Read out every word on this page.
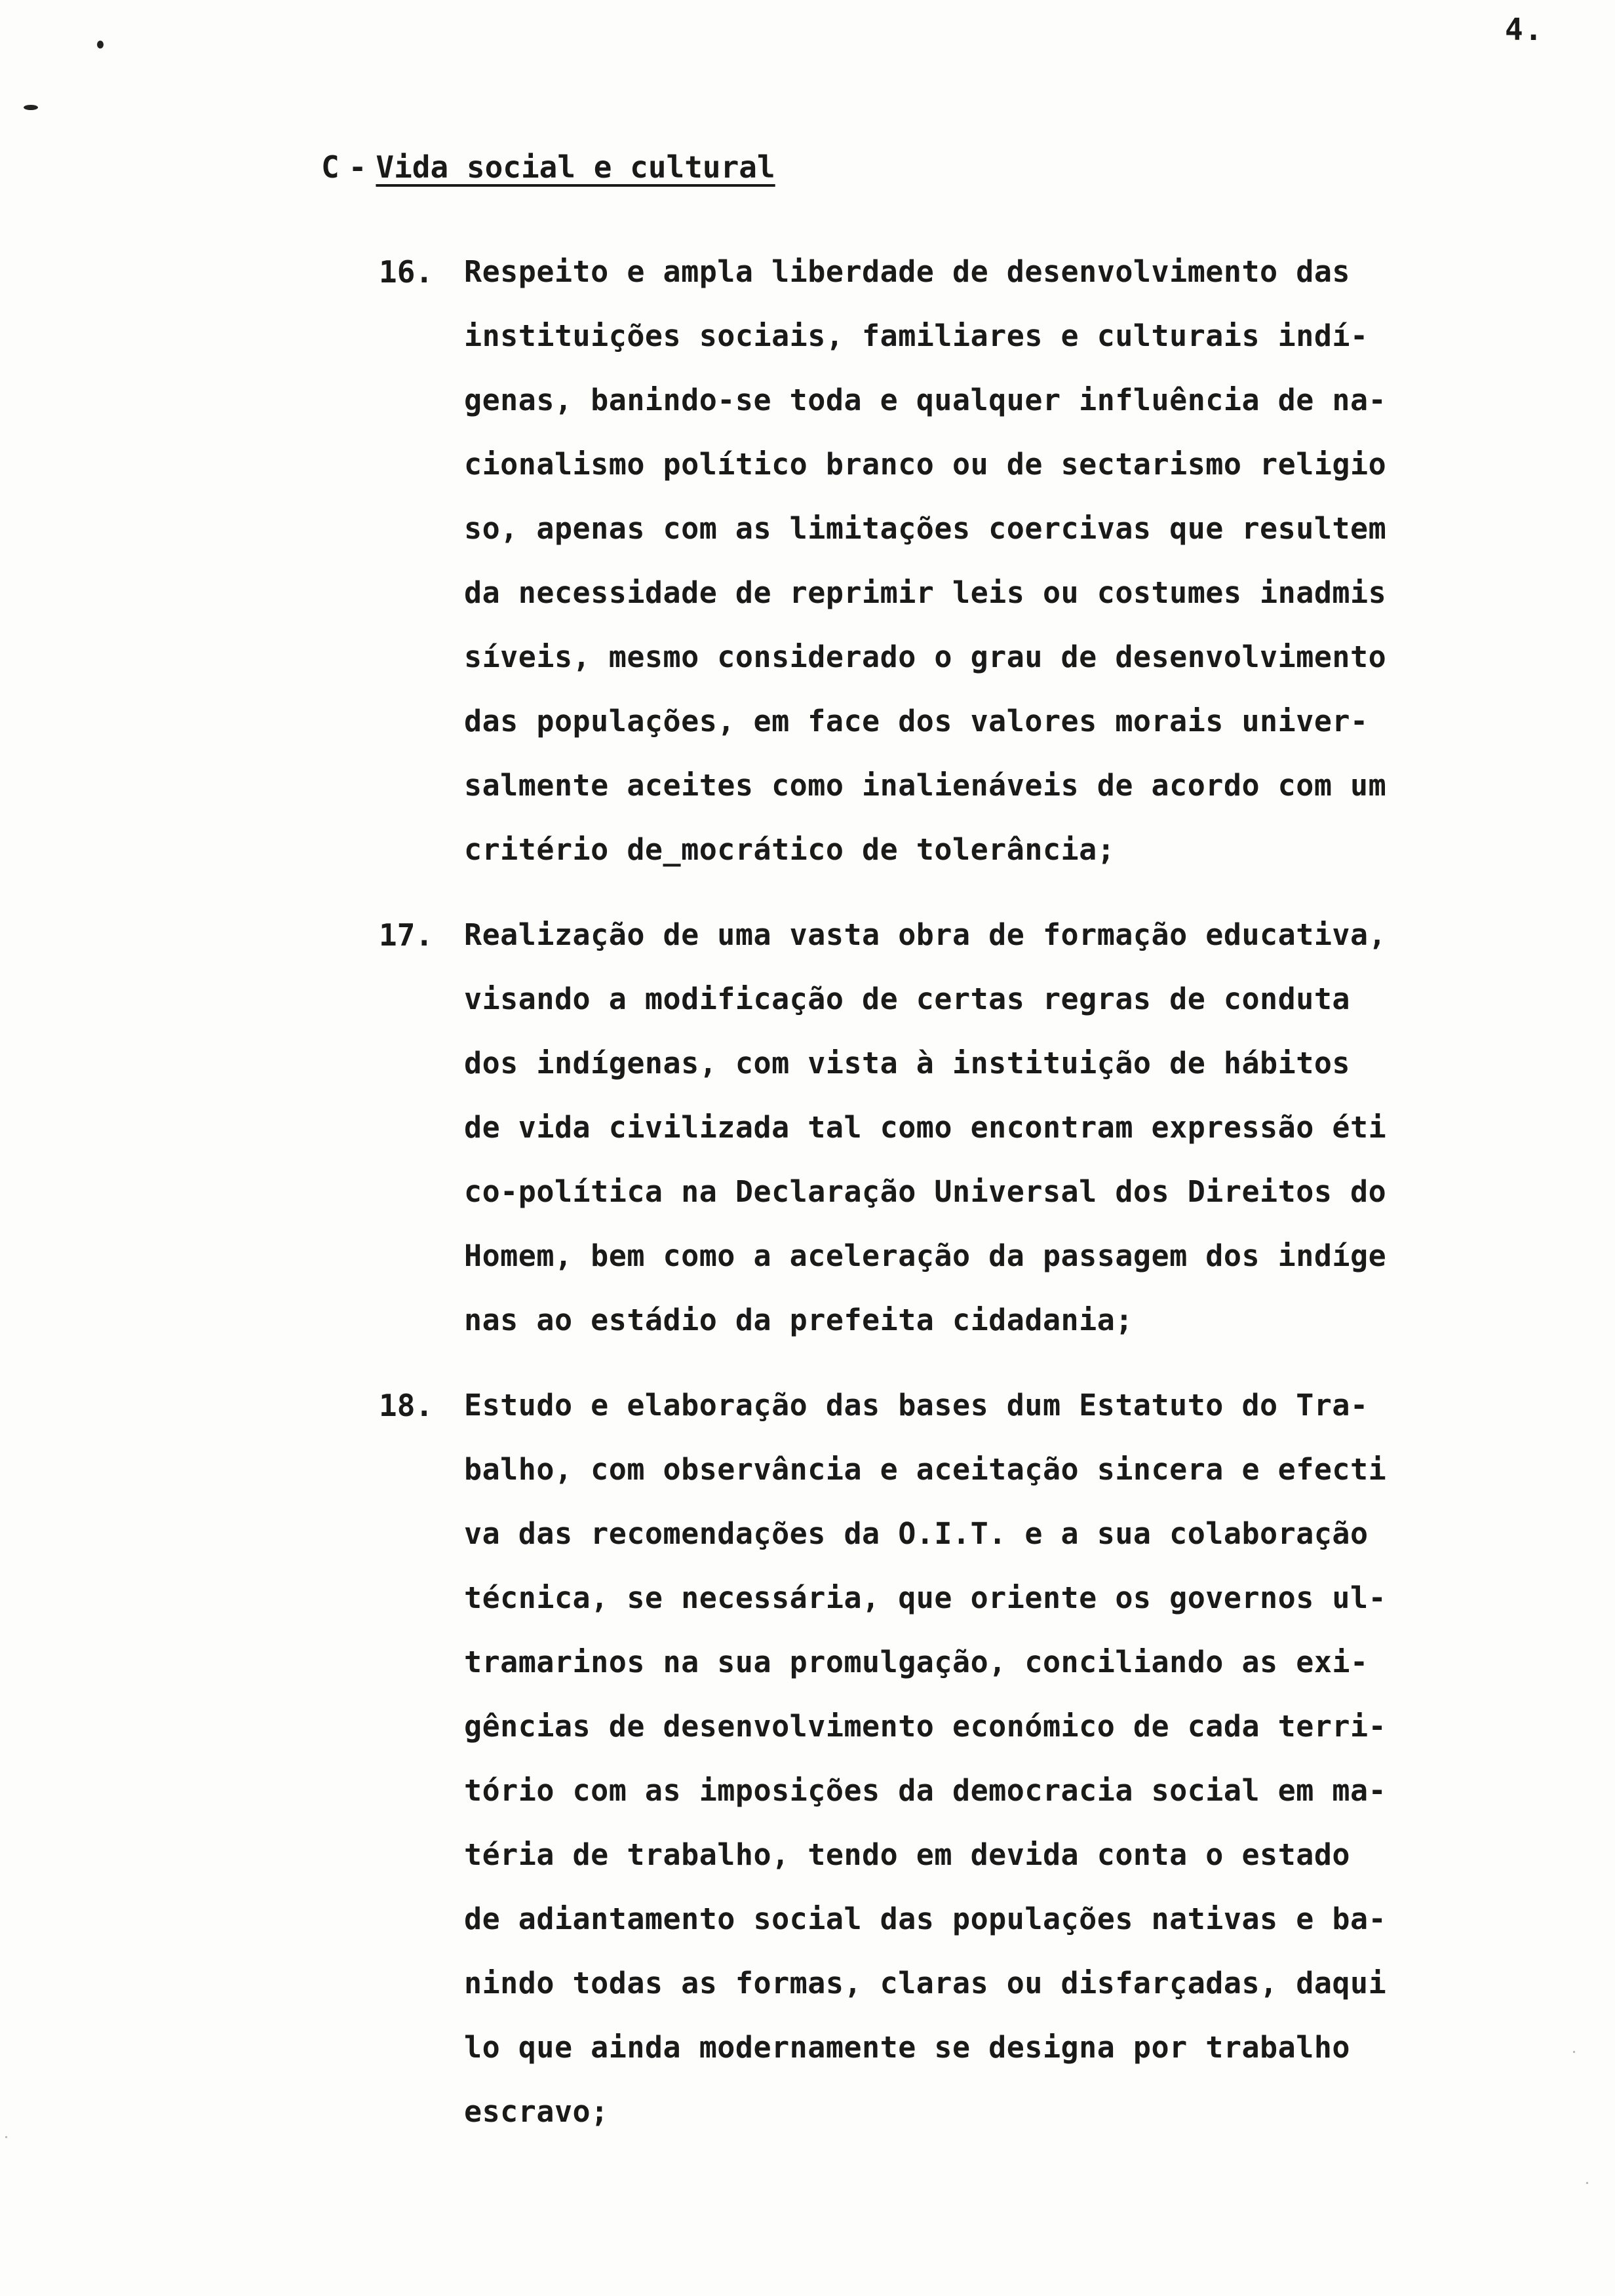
4.
C - Vida social e cultural
16. Respeito e ampla liberdade de desenvolvimento das
instituições sociais, familiares e culturais indí-
genas, banindo-se toda e qualquer influência de na-
cionalismo político branco ou de sectarismo religio
so, apenas com as limitações coercivas que resultem
da necessidade de reprimir leis ou costumes inadmis
síveis, mesmo considerado o grau de desenvolvimento
das populações, em face dos valores morais univer-
salmente aceites como inalienáveis de acordo com um
critério de_mocrático de tolerância;
17. Realização de uma vasta obra de formação educativa,
visando a modificação de certas regras de conduta
dos indígenas, com vista à instituição de hábitos
de vida civilizada tal como encontram expressão éti
co-política na Declaração Universal dos Direitos do
Homem, bem como a aceleração da passagem dos indíge
nas ao estádio da prefeita cidadania;
18. Estudo e elaboração das bases dum Estatuto do Tra-
balho, com observância e aceitação sincera e efecti
va das recomendações da O.I.T. e a sua colaboração
técnica, se necessária, que oriente os governos ul-
tramarinos na sua promulgação, conciliando as exi-
gências de desenvolvimento económico de cada terri-
tório com as imposições da democracia social em ma-
téria de trabalho, tendo em devida conta o estado
de adiantamento social das populações nativas e ba-
nindo todas as formas, claras ou disfarçadas, daqui
lo que ainda modernamente se designa por trabalho
escravo;
